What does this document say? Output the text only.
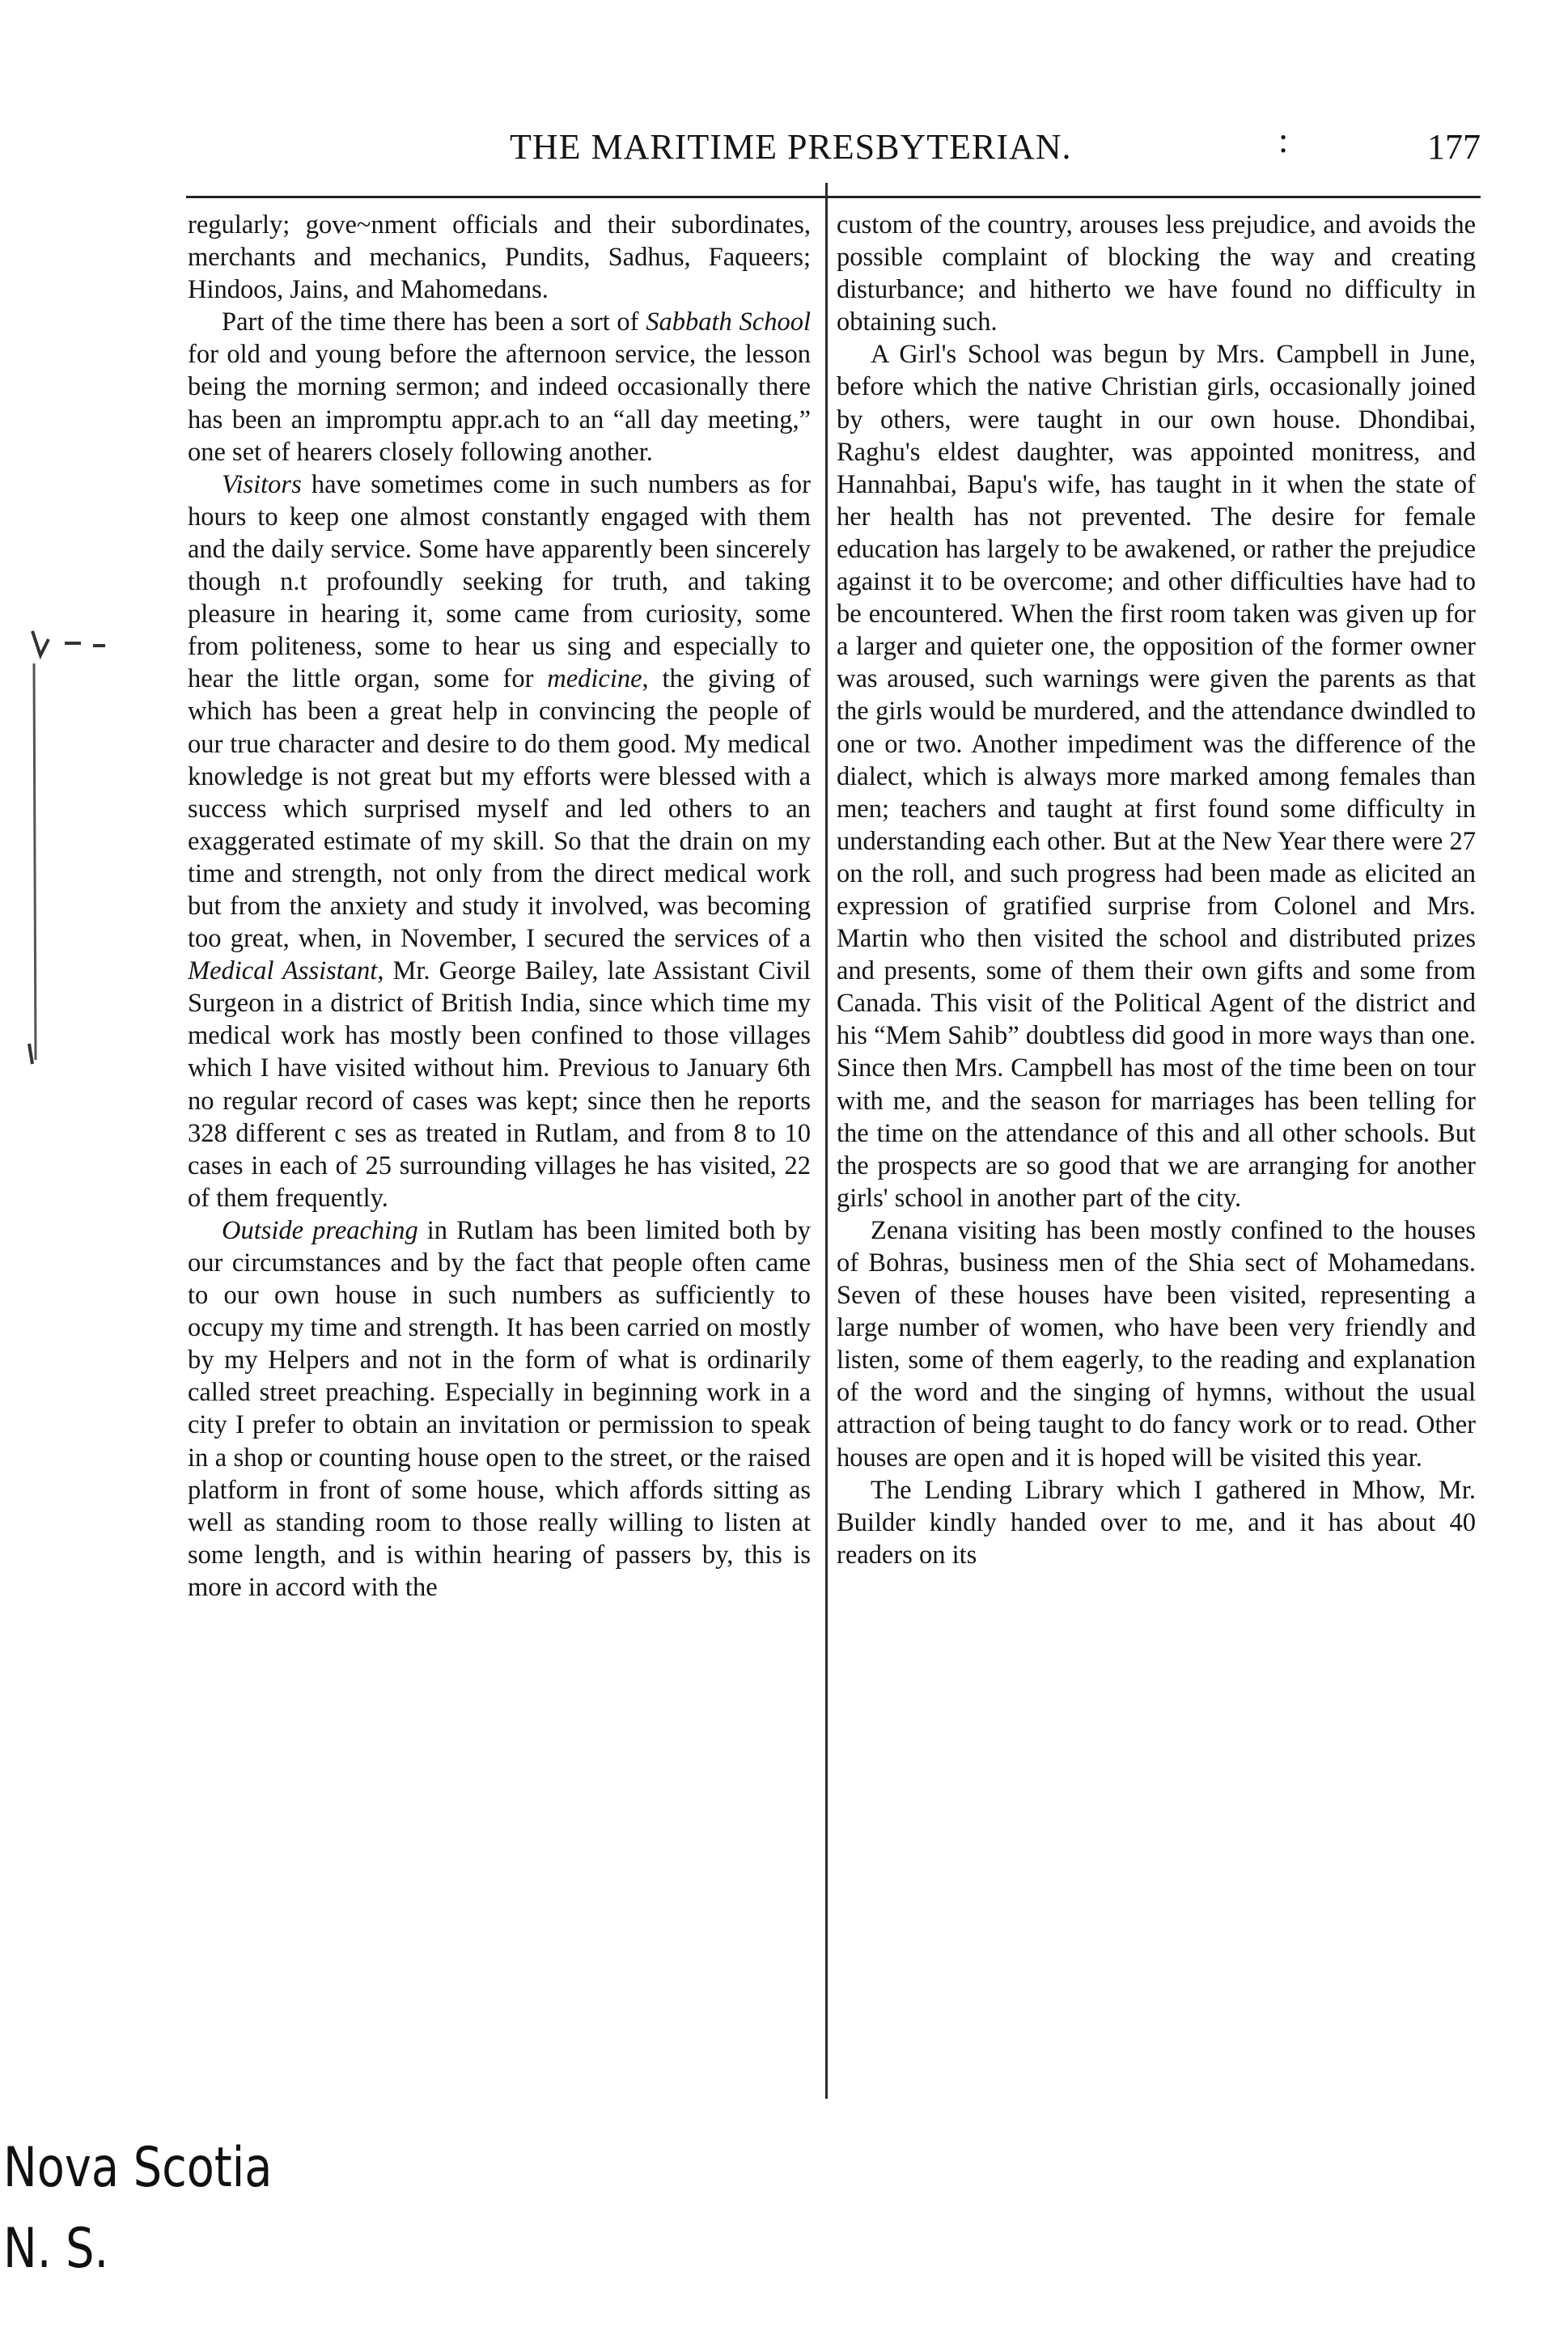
THE MARITIME PRESBYTERIAN.	:	177

regularly; gove~nment officials and their subordinates, merchants and mechanics, Pundits, Sadhus, Faqueers; Hindoos, Jains, and Mahomedans.

Part of the time there has been a sort of Sabbath School for old and young before the afternoon service, the lesson being the morning sermon; and indeed occasionally there has been an impromptu appr.ach to an “all day meeting,” one set of hearers closely following another.

Visitors have sometimes come in such numbers as for hours to keep one almost constantly engaged with them and the daily service. Some have apparently been sincerely though n.t profoundly seeking for truth, and taking pleasure in hearing it, some came from curiosity, some from politeness, some to hear us sing and especially to hear the little organ, some for medicine, the giving of which has been a great help in convincing the people of our true character and desire to do them good. My medical knowledge is not great but my efforts were blessed with a success which surprised myself and led others to an exaggerated estimate of my skill. So that the drain on my time and strength, not only from the direct medical work but from the anxiety and study it involved, was becoming too great, when, in November, I secured the services of a Medical Assistant, Mr. George Bailey, late Assistant Civil Surgeon in a district of British India, since which time my medical work has mostly been confined to those villages which I have visited without him. Previous to January 6th no regular record of cases was kept; since then he reports 328 different c ses as treated in Rutlam, and from 8 to 10 cases in each of 25 surrounding villages he has visited, 22 of them frequently.

Outside preaching in Rutlam has been limited both by our circumstances and by the fact that people often came to our own house in such numbers as sufficiently to occupy my time and strength. It has been carried on mostly by my Helpers and not in the form of what is ordinarily called street preaching. Especially in beginning work in a city I prefer to obtain an invitation or permission to speak in a shop or counting house open to the street, or the raised platform in front of some house, which affords sitting as well as standing room to those really willing to listen at some length, and is within hearing of passers by, this is more in accord with the

custom of the country, arouses less prejudice, and avoids the possible complaint of blocking the way and creating disturbance; and hitherto we have found no difficulty in obtaining such.

A Girl's School was begun by Mrs. Campbell in June, before which the native Christian girls, occasionally joined by others, were taught in our own house. Dhondibai, Raghu's eldest daughter, was appointed monitress, and Hannahbai, Bapu's wife, has taught in it when the state of her health has not prevented. The desire for female education has largely to be awakened, or rather the prejudice against it to be overcome; and other difficulties have had to be encountered. When the first room taken was given up for a larger and quieter one, the opposition of the former owner was aroused, such warnings were given the parents as that the girls would be murdered, and the attendance dwindled to one or two. Another impediment was the difference of the dialect, which is always more marked among females than men; teachers and taught at first found some difficulty in understanding each other. But at the New Year there were 27 on the roll, and such progress had been made as elicited an expression of gratified surprise from Colonel and Mrs. Martin who then visited the school and distributed prizes and presents, some of them their own gifts and some from Canada. This visit of the Political Agent of the district and his “Mem Sahib” doubtless did good in more ways than one. Since then Mrs. Campbell has most of the time been on tour with me, and the season for marriages has been telling for the time on the attendance of this and all other schools. But the prospects are so good that we are arranging for another girls' school in another part of the city.

Zenana visiting has been mostly confined to the houses of Bohras, business men of the Shia sect of Mohamedans. Seven of these houses have been visited, representing a large number of women, who have been very friendly and listen, some of them eagerly, to the reading and explanation of the word and the singing of hymns, without the usual attraction of being taught to do fancy work or to read. Other houses are open and it is hoped will be visited this year.

The Lending Library which I gathered in Mhow, Mr. Builder kindly handed over to me, and it has about 40 readers on its

Nova Scotia
N. S.
